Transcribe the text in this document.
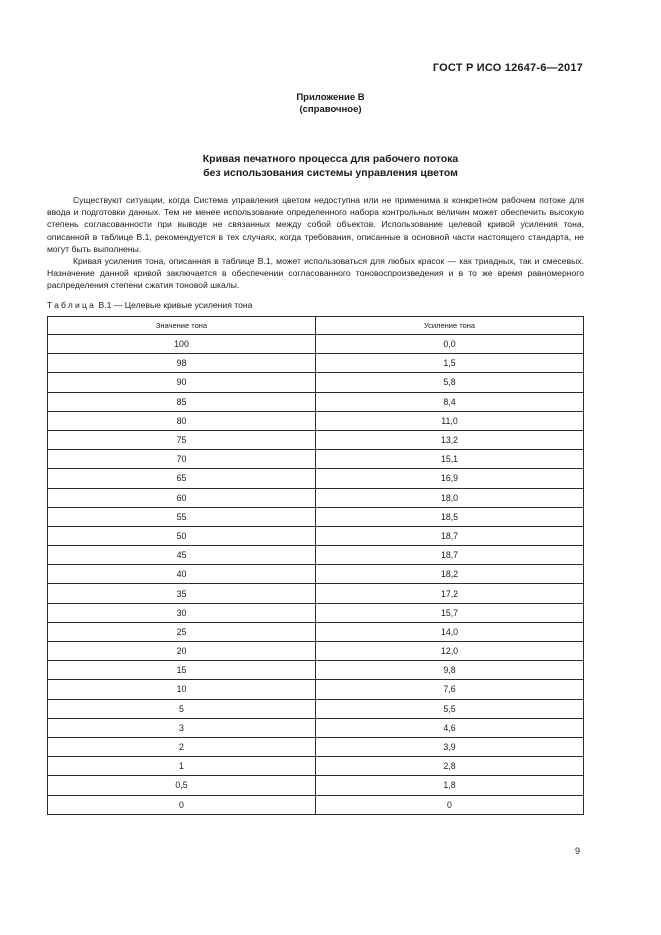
ГОСТ Р ИСО 12647-6—2017
Приложение В
(справочное)
Кривая печатного процесса для рабочего потока
без использования системы управления цветом

Существуют ситуации, когда Система управления цветом недоступна или не применима в конкретном рабочем потоке для ввода и подготовки данных. Тем не менее использование определенного набора контрольных величин может обеспечить высокую степень согласованности при выводе не связанных между собой объектов. Использование целевой кривой усиления тона, описанной в таблице В.1, рекомендуется в тех случаях, когда требования, описанные в основной части настоящего стандарта, не могут быть выполнены.

Кривая усиления тона, описанная в таблице В.1, может использоваться для любых красок — как триадных, так и смесевых. Назначение данной кривой заключается в обеспечении согласованного тоновоспроизведения и в то же время равномерного распределения степени сжатия тоновой шкалы.

Таблица В.1 — Целевые кривые усиления тона
Значение тона	Усиление тона
100	0,0
98	1,5
90	5,8
85	8,4
80	11,0
75	13,2
70	15,1
65	16,9
60	18,0
55	18,5
50	18,7
45	18,7
40	18,2
35	17,2
30	15,7
25	14,0
20	12,0
15	9,8
10	7,6
5	5,5
3	4,6
2	3,9
1	2,8
0,5	1,8
0	0
9
